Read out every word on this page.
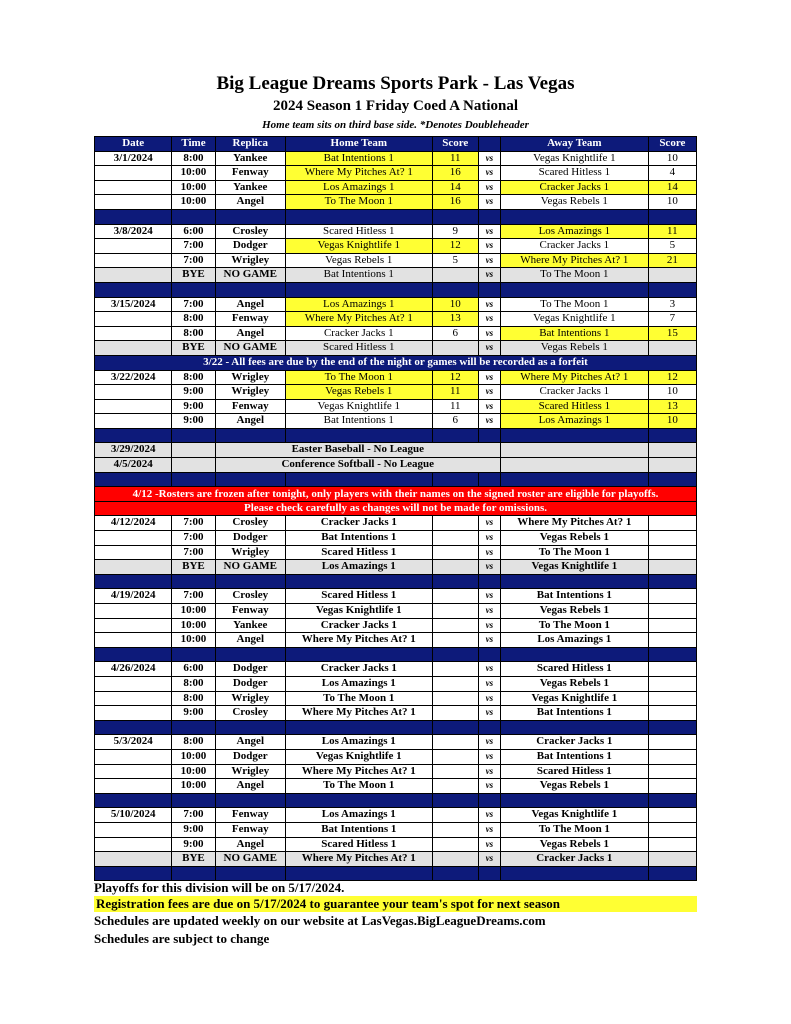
Big League Dreams Sports Park - Las Vegas
2024 Season 1 Friday Coed A National
Home team sits on third base side. *Denotes Doubleheader
Date	Time	Replica	Home Team	Score		Away Team	Score
3/1/2024	8:00	Yankee	Bat Intentions 1	11	vs	Vegas Knightlife 1	10
	10:00	Fenway	Where My Pitches At? 1	16	vs	Scared Hitless 1	4
	10:00	Yankee	Los Amazings 1	14	vs	Cracker Jacks 1	14
	10:00	Angel	To The Moon 1	16	vs	Vegas Rebels 1	10

3/8/2024	6:00	Crosley	Scared Hitless 1	9	vs	Los Amazings 1	11
	7:00	Dodger	Vegas Knightlife 1	12	vs	Cracker Jacks 1	5
	7:00	Wrigley	Vegas Rebels 1	5	vs	Where My Pitches At? 1	21
	BYE	NO GAME	Bat Intentions 1		vs	To The Moon 1	

3/15/2024	7:00	Angel	Los Amazings 1	10	vs	To The Moon 1	3
	8:00	Fenway	Where My Pitches At? 1	13	vs	Vegas Knightlife 1	7
	8:00	Angel	Cracker Jacks 1	6	vs	Bat Intentions 1	15
	BYE	NO GAME	Scared Hitless 1		vs	Vegas Rebels 1	
3/22 - All fees are due by the end of the night or games will be recorded as a forfeit							
3/22/2024	8:00	Wrigley	To The Moon 1	12	vs	Where My Pitches At? 1	12
	9:00	Wrigley	Vegas Rebels 1	11	vs	Cracker Jacks 1	10
	9:00	Fenway	Vegas Knightlife 1	11	vs	Scared Hitless 1	13
	9:00	Angel	Bat Intentions 1	6	vs	Los Amazings 1	10

3/29/2024		Easter Baseball - No League					
4/5/2024		Conference Softball - No League					

4/12 -Rosters are frozen after tonight, only players with their names on the signed roster are eligible for playoffs.							
Please check carefully as changes will not be made for omissions.							
4/12/2024	7:00	Crosley	Cracker Jacks 1		vs	Where My Pitches At? 1	
	7:00	Dodger	Bat Intentions 1		vs	Vegas Rebels 1	
	7:00	Wrigley	Scared Hitless 1		vs	To The Moon 1	
	BYE	NO GAME	Los Amazings 1		vs	Vegas Knightlife 1	

4/19/2024	7:00	Crosley	Scared Hitless 1		vs	Bat Intentions 1	
	10:00	Fenway	Vegas Knightlife 1		vs	Vegas Rebels 1	
	10:00	Yankee	Cracker Jacks 1		vs	To The Moon 1	
	10:00	Angel	Where My Pitches At? 1		vs	Los Amazings 1	

4/26/2024	6:00	Dodger	Cracker Jacks 1		vs	Scared Hitless 1	
	8:00	Dodger	Los Amazings 1		vs	Vegas Rebels 1	
	8:00	Wrigley	To The Moon 1		vs	Vegas Knightlife 1	
	9:00	Crosley	Where My Pitches At? 1		vs	Bat Intentions 1	

5/3/2024	8:00	Angel	Los Amazings 1		vs	Cracker Jacks 1	
	10:00	Dodger	Vegas Knightlife 1		vs	Bat Intentions 1	
	10:00	Wrigley	Where My Pitches At? 1		vs	Scared Hitless 1	
	10:00	Angel	To The Moon 1		vs	Vegas Rebels 1	

5/10/2024	7:00	Fenway	Los Amazings 1		vs	Vegas Knightlife 1	
	9:00	Fenway	Bat Intentions 1		vs	To The Moon 1	
	9:00	Angel	Scared Hitless 1		vs	Vegas Rebels 1	
	BYE	NO GAME	Where My Pitches At? 1		vs	Cracker Jacks 1	

Playoffs for this division will be on 5/17/2024.
Registration fees are due on 5/17/2024 to guarantee your team's spot for next season
Schedules are updated weekly on our website at LasVegas.BigLeagueDreams.com
Schedules are subject to change
